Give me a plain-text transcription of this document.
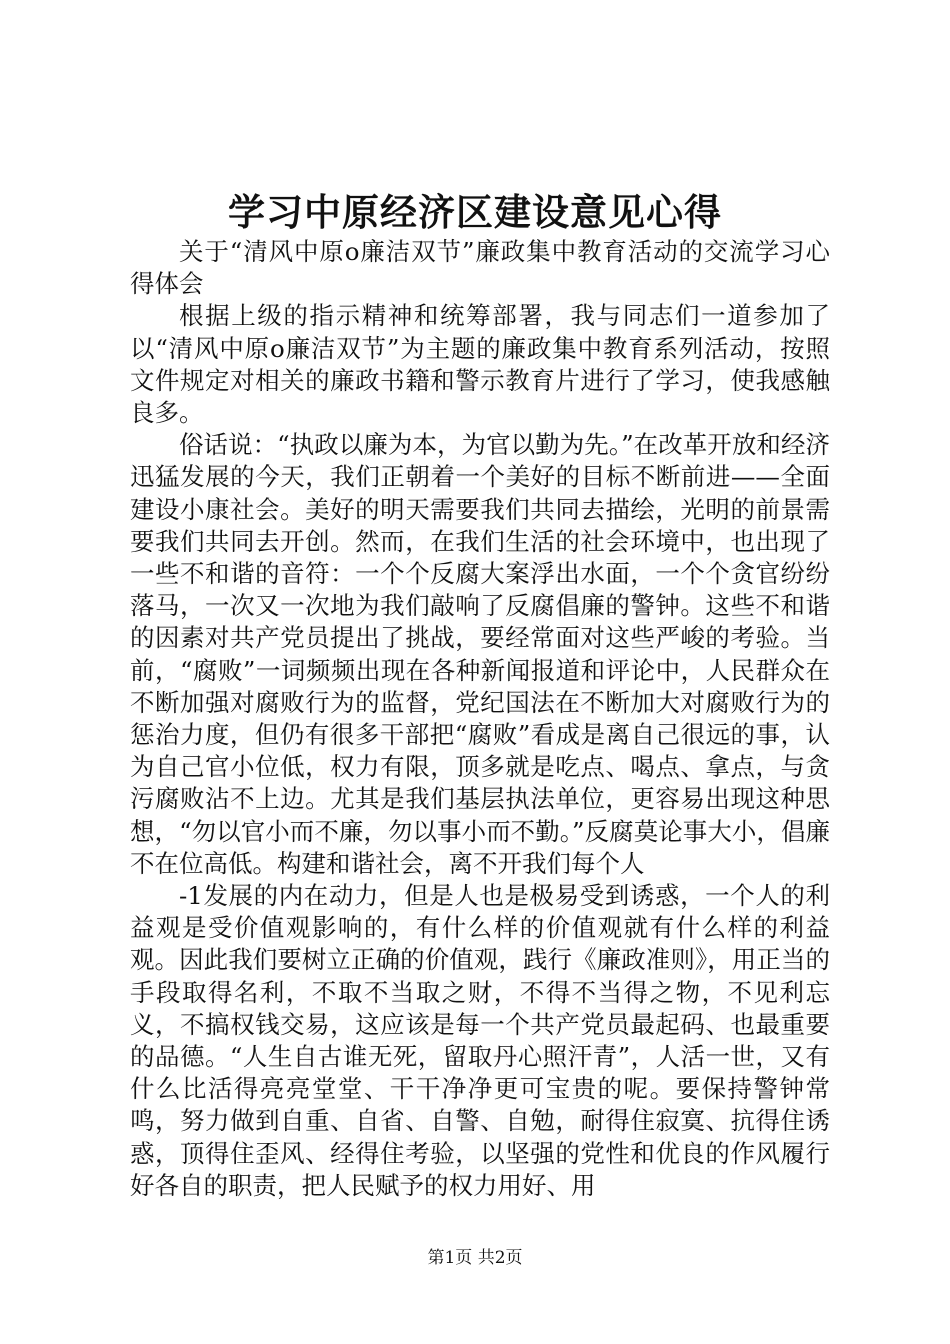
学习中原经济区建设意见心得

关于“清风中原o廉洁双节”廉政集中教育活动的交流学习心得体会

根据上级的指示精神和统筹部署，我与同志们一道参加了以“清风中原o廉洁双节”为主题的廉政集中教育系列活动，按照文件规定对相关的廉政书籍和警示教育片进行了学习，使我感触良多。

俗话说：“执政以廉为本，为官以勤为先。”在改革开放和经济迅猛发展的今天，我们正朝着一个美好的目标不断前进——全面建设小康社会。美好的明天需要我们共同去描绘，光明的前景需要我们共同去开创。然而，在我们生活的社会环境中，也出现了一些不和谐的音符：一个个反腐大案浮出水面，一个个贪官纷纷落马，一次又一次地为我们敲响了反腐倡廉的警钟。这些不和谐的因素对共产党员提出了挑战，要经常面对这些严峻的考验。当前，“腐败”一词频频出现在各种新闻报道和评论中，人民群众在不断加强对腐败行为的监督，党纪国法在不断加大对腐败行为的惩治力度，但仍有很多干部把“腐败”看成是离自己很远的事，认为自己官小位低，权力有限，顶多就是吃点、喝点、拿点，与贪污腐败沾不上边。尤其是我们基层执法单位，更容易出现这种思想，“勿以官小而不廉，勿以事小而不勤。”反腐莫论事大小，倡廉不在位高低。构建和谐社会，离不开我们每个人

-1发展的内在动力，但是人也是极易受到诱惑，一个人的利益观是受价值观影响的，有什么样的价值观就有什么样的利益观。因此我们要树立正确的价值观，践行《廉政准则》，用正当的手段取得名利，不取不当取之财，不得不当得之物，不见利忘义，不搞权钱交易，这应该是每一个共产党员最起码、也最重要的品德。“人生自古谁无死，留取丹心照汗青”，人活一世，又有什么比活得亮亮堂堂、干干净净更可宝贵的呢。要保持警钟常鸣，努力做到自重、自省、自警、自勉，耐得住寂寞、抗得住诱惑，顶得住歪风、经得住考验，以坚强的党性和优良的作风履行好各自的职责，把人民赋予的权力用好、用

第1页 共2页
